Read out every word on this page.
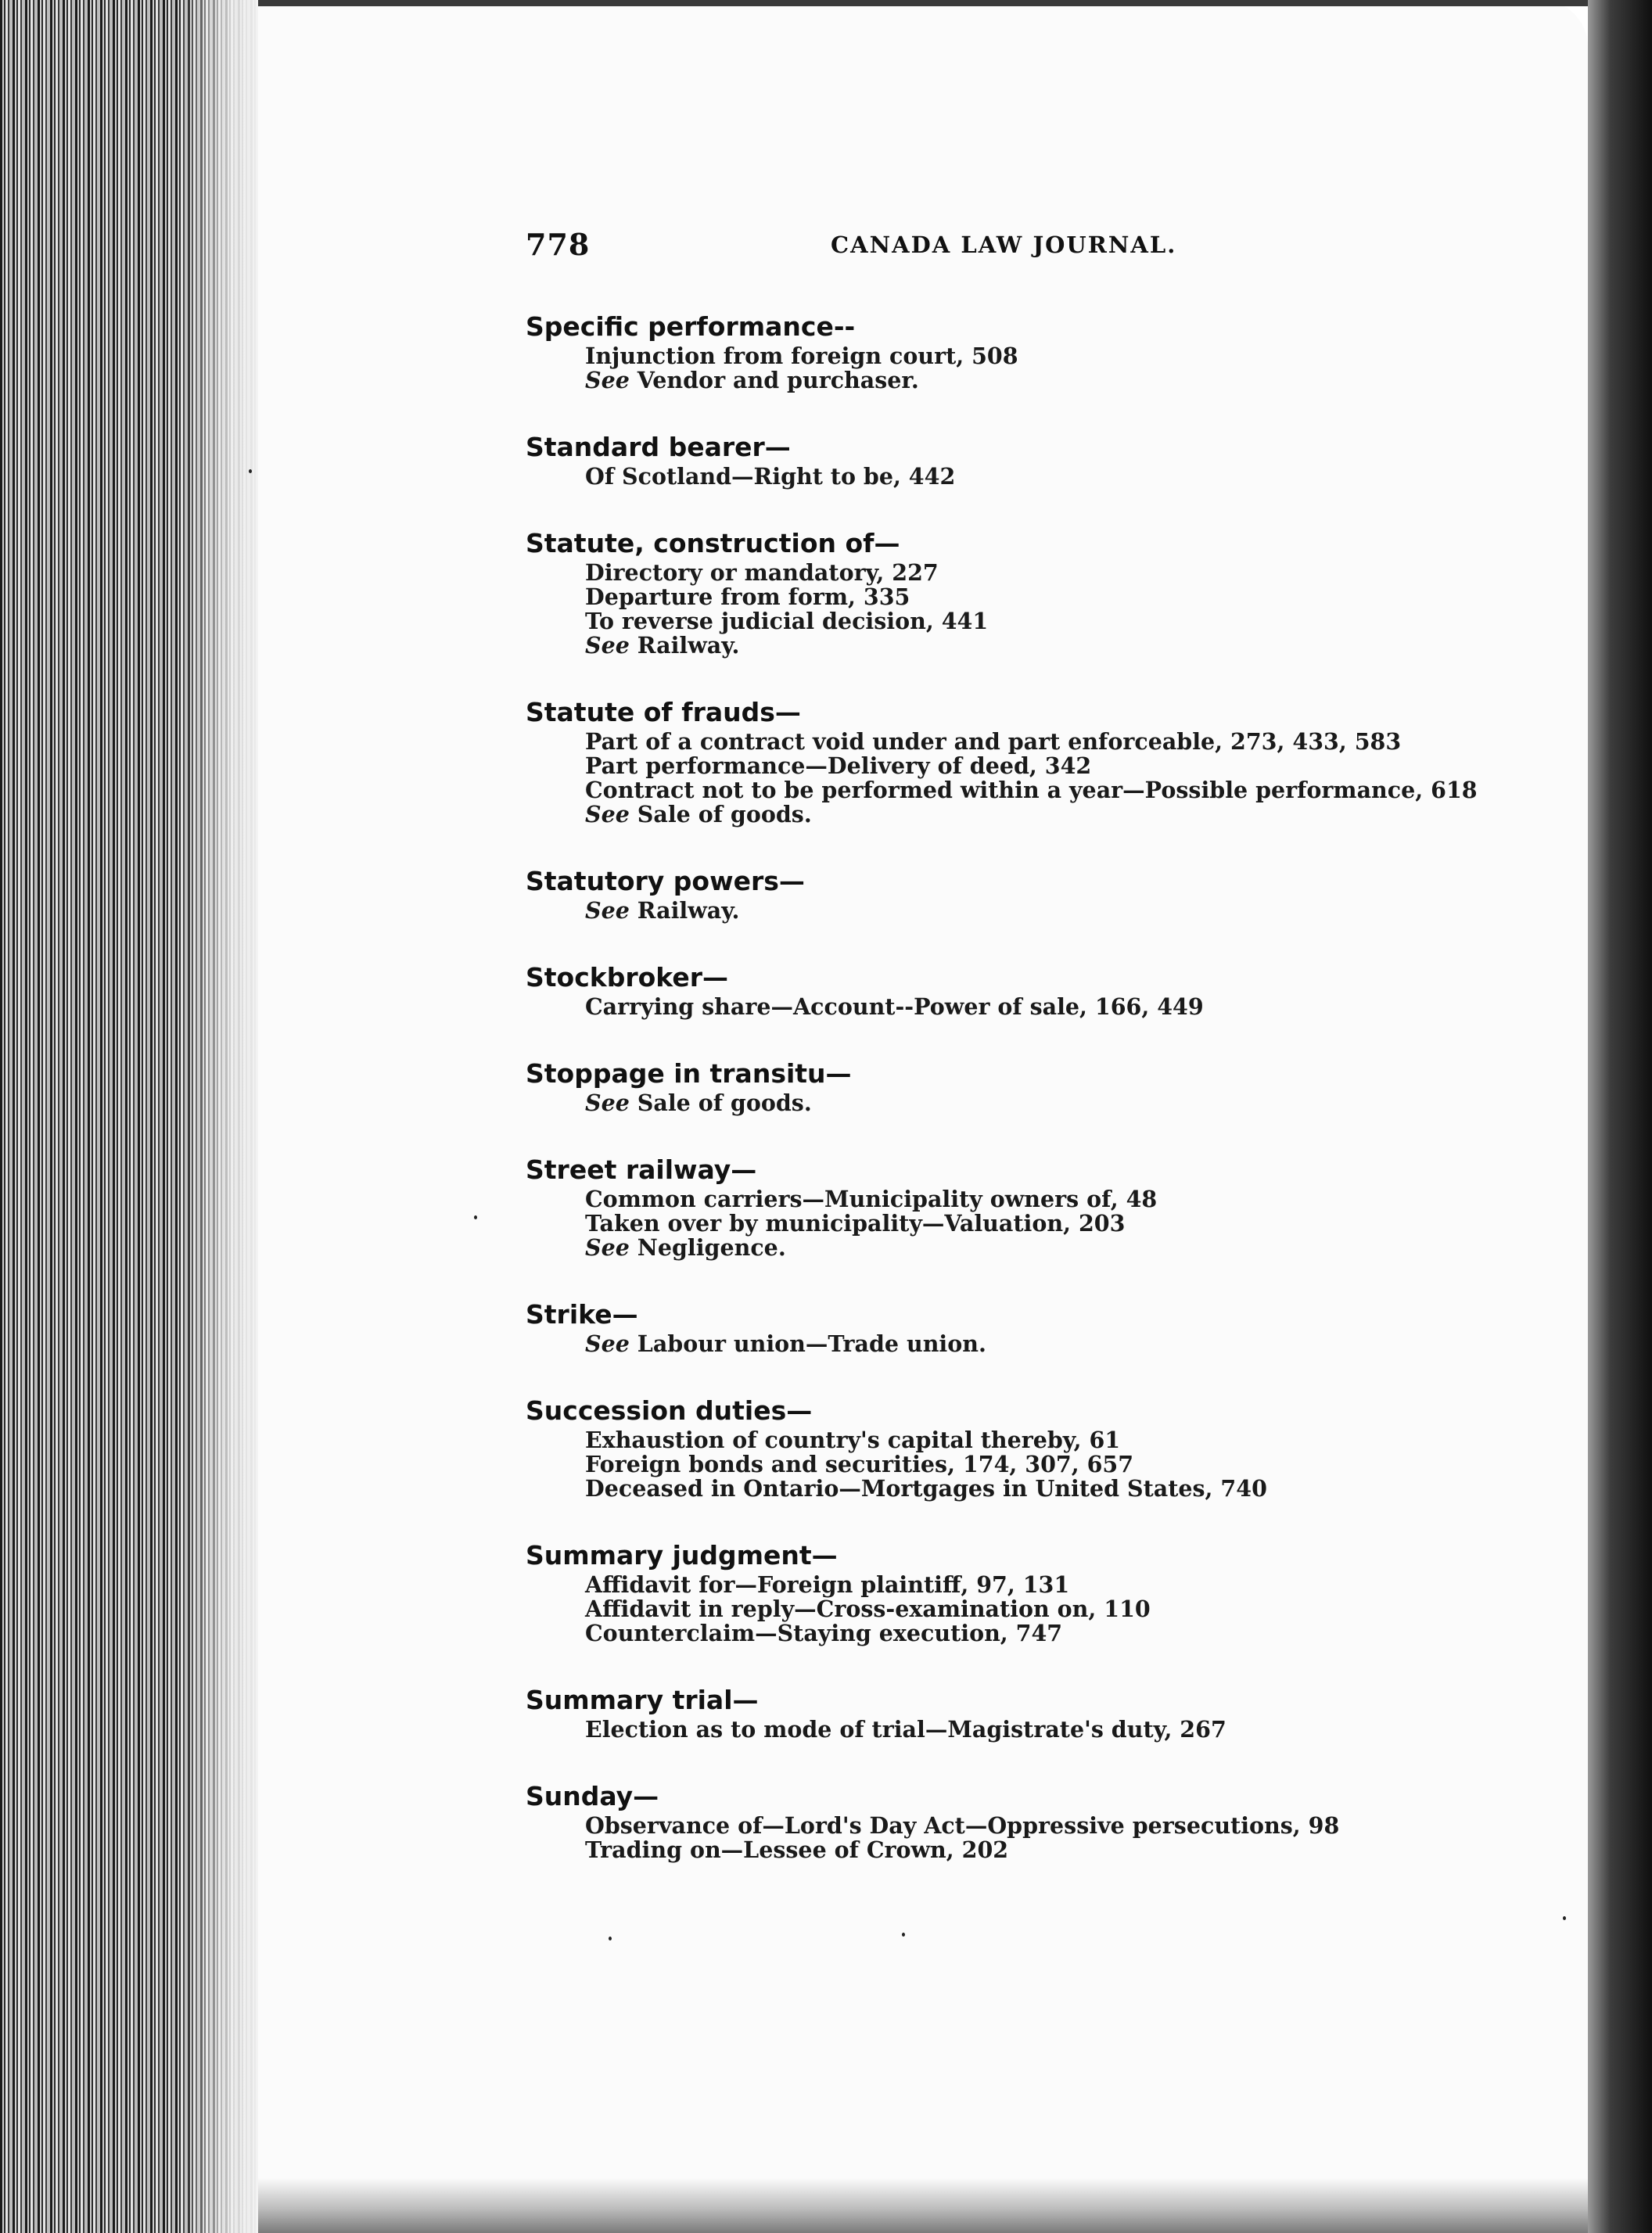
778	CANADA LAW JOURNAL.
Specific performance--
Injunction from foreign court, 508
See Vendor and purchaser.
Standard bearer—
Of Scotland—Right to be, 442
Statute, construction of—
Directory or mandatory, 227
Departure from form, 335
To reverse judicial decision, 441
See Railway.
Statute of frauds—
Part of a contract void under and part enforceable, 273, 433, 583
Part performance—Delivery of deed, 342
Contract not to be performed within a year—Possible performance, 618
See Sale of goods.
Statutory powers—
See Railway.
Stockbroker—
Carrying share—Account--Power of sale, 166, 449
Stoppage in transitu—
See Sale of goods.
Street railway—
Common carriers—Municipality owners of, 48
Taken over by municipality—Valuation, 203
See Negligence.
Strike—
See Labour union—Trade union.
Succession duties—
Exhaustion of country's capital thereby, 61
Foreign bonds and securities, 174, 307, 657
Deceased in Ontario—Mortgages in United States, 740
Summary judgment—
Affidavit for—Foreign plaintiff, 97, 131
Affidavit in reply—Cross-examination on, 110
Counterclaim—Staying execution, 747
Summary trial—
Election as to mode of trial—Magistrate's duty, 267
Sunday—
Observance of—Lord's Day Act—Oppressive persecutions, 98
Trading on—Lessee of Crown, 202
